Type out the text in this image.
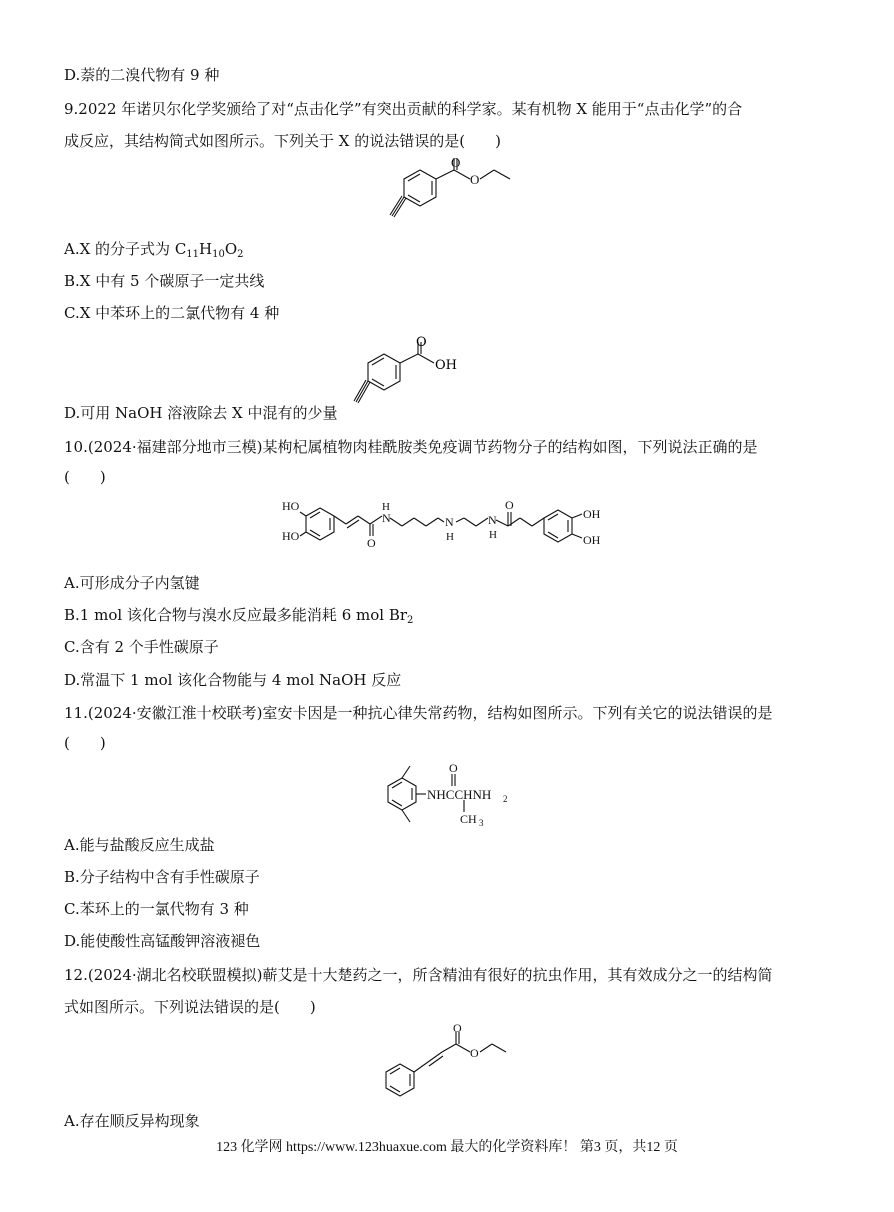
D.萘的二溴代物有 9 种
9.2022 年诺贝尔化学奖颁给了对“点击化学”有突出贡献的科学家。某有机物 X 能用于“点击化学”的合
成反应，其结构简式如图所示。下列关于 X 的说法错误的是(　　)
O
O
A.X 的分子式为 $C_{11}H_{10}O_2$
B.X 中有 5 个碳原子一定共线
C.X 中苯环上的二氯代物有 4 种
D.可用 NaOH 溶液除去 X 中混有的少量
O
OH
10.(2024·福建部分地市三模)某枸杞属植物肉桂酰胺类免疫调节药物分子的结构如图，下列说法正确的是
(　　)
HO
HO	O
N
H
N
H
N
H
O
OH
OH
A.可形成分子内氢键
B.1 mol 该化合物与溴水反应最多能消耗 6 mol $Br_2$
C.含有 2 个手性碳原子
D.常温下 1 mol 该化合物能与 4 mol NaOH 反应
11.(2024·安徽江淮十校联考)室安卡因是一种抗心律失常药物，结构如图所示。下列有关它的说法错误的是
(　　)
O
NHCCHNH 2
CH 3
A.能与盐酸反应生成盐
B.分子结构中含有手性碳原子
C.苯环上的一氯代物有 3 种
D.能使酸性高锰酸钾溶液褪色
12.(2024·湖北名校联盟模拟)蕲艾是十大楚药之一，所含精油有很好的抗虫作用，其有效成分之一的结构简
式如图所示。下列说法错误的是(　　)
O
O
A.存在顺反异构现象
123 化学网 https://www.123huaxue.com 最大的化学资料库！ 第3 页，共12 页
